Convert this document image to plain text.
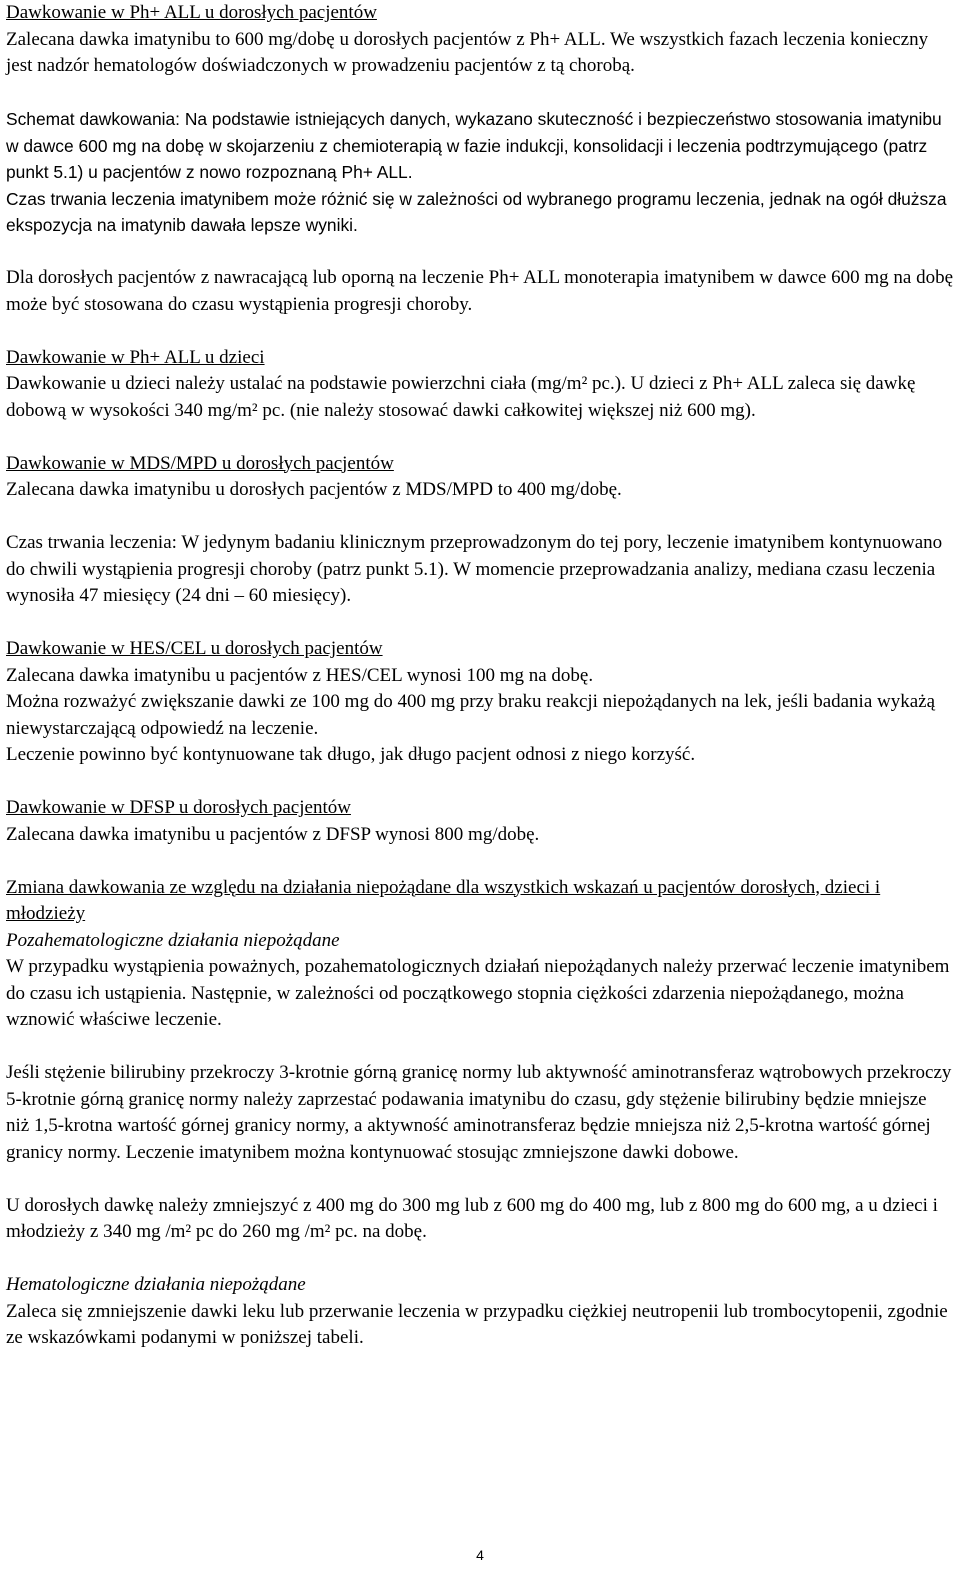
Dawkowanie w Ph+ ALL u dorosłych pacjentów

Zalecana dawka imatynibu to 600 mg/dobę u dorosłych pacjentów z Ph+ ALL. We wszystkich fazach leczenia konieczny jest nadzór hematologów doświadczonych w prowadzeniu pacjentów z tą chorobą.

Schemat dawkowania: Na podstawie istniejących danych, wykazano skuteczność i bezpieczeństwo stosowania imatynibu w dawce 600 mg na dobę w skojarzeniu z chemioterapią w fazie indukcji, konsolidacji i leczenia podtrzymującego (patrz punkt 5.1) u pacjentów z nowo rozpoznaną Ph+ ALL.

Czas trwania leczenia imatynibem może różnić się w zależności od wybranego programu leczenia, jednak na ogół dłuższa ekspozycja na imatynib dawała lepsze wyniki.

Dla dorosłych pacjentów z nawracającą lub oporną na leczenie Ph+ ALL monoterapia imatynibem w dawce 600 mg na dobę może być stosowana do czasu wystąpienia progresji choroby.

Dawkowanie w Ph+ ALL u dzieci

Dawkowanie u dzieci należy ustalać na podstawie powierzchni ciała (mg/m² pc.). U dzieci z Ph+ ALL zaleca się dawkę dobową w wysokości 340 mg/m² pc. (nie należy stosować dawki całkowitej większej niż 600 mg).

Dawkowanie w MDS/MPD u dorosłych pacjentów

Zalecana dawka imatynibu u dorosłych pacjentów z MDS/MPD to 400 mg/dobę.

Czas trwania leczenia: W jedynym badaniu klinicznym przeprowadzonym do tej pory, leczenie imatynibem kontynuowano do chwili wystąpienia progresji choroby (patrz punkt 5.1). W momencie przeprowadzania analizy, mediana czasu leczenia wynosiła 47 miesięcy (24 dni – 60 miesięcy).

Dawkowanie w HES/CEL u dorosłych pacjentów

Zalecana dawka imatynibu u pacjentów z HES/CEL wynosi 100 mg na dobę.

Można rozważyć zwiększanie dawki ze 100 mg do 400 mg przy braku reakcji niepożądanych na lek, jeśli badania wykażą niewystarczającą odpowiedź na leczenie.

Leczenie powinno być kontynuowane tak długo, jak długo pacjent odnosi z niego korzyść.

Dawkowanie w DFSP u dorosłych pacjentów

Zalecana dawka imatynibu u pacjentów z DFSP wynosi 800 mg/dobę.

Zmiana dawkowania ze względu na działania niepożądane dla wszystkich wskazań u pacjentów dorosłych, dzieci i młodzieży

Pozahematologiczne działania niepożądane

W przypadku wystąpienia poważnych, pozahematologicznych działań niepożądanych należy przerwać leczenie imatynibem do czasu ich ustąpienia. Następnie, w zależności od początkowego stopnia ciężkości zdarzenia niepożądanego, można wznowić właściwe leczenie.

Jeśli stężenie bilirubiny przekroczy 3-krotnie górną granicę normy lub aktywność aminotransferaz wątrobowych przekroczy 5-krotnie górną granicę normy należy zaprzestać podawania imatynibu do czasu, gdy stężenie bilirubiny będzie mniejsze niż 1,5-krotna wartość górnej granicy normy, a aktywność aminotransferaz będzie mniejsza niż 2,5-krotna wartość górnej granicy normy. Leczenie imatynibem można kontynuować stosując zmniejszone dawki dobowe.

U dorosłych dawkę należy zmniejszyć z 400 mg do 300 mg lub z 600 mg do 400 mg, lub z 800 mg do 600 mg, a u dzieci i młodzieży z 340 mg /m² pc do 260 mg /m² pc. na dobę.

Hematologiczne działania niepożądane

Zaleca się zmniejszenie dawki leku lub przerwanie leczenia w przypadku ciężkiej neutropenii lub trombocytopenii, zgodnie ze wskazówkami podanymi w poniższej tabeli.

4
